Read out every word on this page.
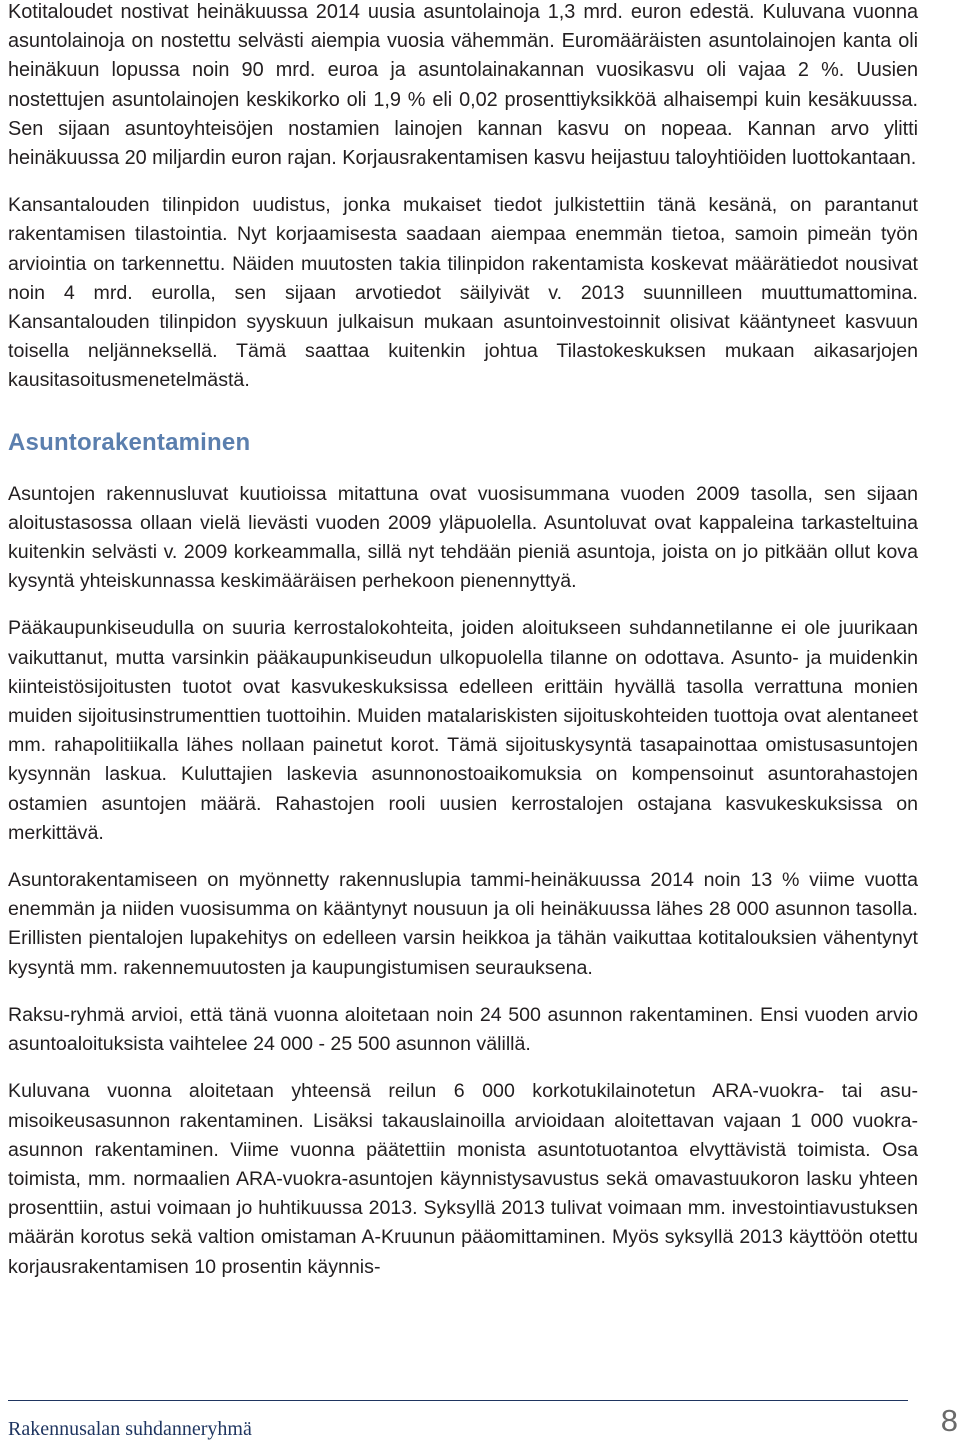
Kotitaloudet nostivat heinäkuussa 2014 uusia asuntolainoja 1,3 mrd. euron edestä. Kuluvana vuonna asuntolainoja on nostettu selvästi aiempia vuosia vähemmän. Euromääräisten asuntolainojen kanta oli heinäkuun lopussa noin 90 mrd. euroa ja asuntolainakannan vuosikasvu oli vajaa 2 %. Uusien nostettujen asuntolainojen keskikorko oli 1,9 % eli 0,02 prosenttiyksikköä alhaisempi kuin kesäkuussa. Sen sijaan asuntoyhteisöjen nostamien lainojen kannan kasvu on nopeaa. Kannan arvo ylitti heinäkuussa 20 miljardin euron rajan. Korjausrakentamisen kasvu heijastuu taloyhtiöiden luottokantaan.

Kansantalouden tilinpidon uudistus, jonka mukaiset tiedot julkistettiin tänä kesänä, on parantanut rakentamisen tilastointia. Nyt korjaamisesta saadaan aiempaa enemmän tietoa, samoin pimeän työn arviointia on tarkennettu. Näiden muutosten takia tilinpidon rakentamista koskevat määrätiedot nousivat noin 4 mrd. eurolla, sen sijaan arvotiedot säilyivät v. 2013 suunnilleen muuttumattomina. Kansantalouden tilinpidon syyskuun julkaisun mukaan asuntoinvestoinnit olisivat kääntyneet kasvuun toisella neljänneksellä. Tämä saattaa kuitenkin johtua Tilastokeskuksen mukaan aikasarjojen kausitasoitusmenetelmästä.

Asuntorakentaminen

Asuntojen rakennusluvat kuutioissa mitattuna ovat vuosisummana vuoden 2009 tasolla, sen sijaan aloitustasossa ollaan vielä lievästi vuoden 2009 yläpuolella. Asuntoluvat ovat kappaleina tarkasteltuina kuitenkin selvästi v. 2009 korkeammalla, sillä nyt tehdään pieniä asuntoja, joista on jo pitkään ollut kova kysyntä yhteiskunnassa keskimääräisen perhekoon pienennyttyä.

Pääkaupunkiseudulla on suuria kerrostalokohteita, joiden aloitukseen suhdannetilanne ei ole juurikaan vaikuttanut, mutta varsinkin pääkaupunkiseudun ulkopuolella tilanne on odottava. Asunto- ja muidenkin kiinteistösijoitusten tuotot ovat kasvukeskuksissa edelleen erittäin hyvällä tasolla verrattuna monien muiden sijoitusinstrumenttien tuottoihin. Muiden matalariskisten sijoituskohteiden tuottoja ovat alentaneet mm. rahapolitiikalla lähes nollaan painetut korot. Tämä sijoituskysyntä tasapainottaa omistusasuntojen kysynnän laskua. Kuluttajien laskevia asunnonostoaikomuksia on kompensoinut asuntorahastojen ostamien asuntojen määrä. Rahastojen rooli uusien kerrostalojen ostajana kasvukeskuksissa on merkittävä.

Asuntorakentamiseen on myönnetty rakennuslupia tammi-heinäkuussa 2014 noin 13 % viime vuotta enemmän ja niiden vuosisumma on kääntynyt nousuun ja oli heinäkuussa lähes 28 000 asunnon tasolla. Erillisten pientalojen lupakehitys on edelleen varsin heikkoa ja tähän vaikuttaa kotitalouksien vähentynyt kysyntä mm. rakennemuutosten ja kaupungistumisen seurauksena.

Raksu-ryhmä arvioi, että tänä vuonna aloitetaan noin 24 500 asunnon rakentaminen. Ensi vuoden arvio asuntoaloituksista vaihtelee 24 000 - 25 500 asunnon välillä.

Kuluvana vuonna aloitetaan yhteensä reilun 6 000 korkotukilainotetun ARA-vuokra- tai asumisoikeusasunnon rakentaminen. Lisäksi takauslainoilla arvioidaan aloitettavan vajaan 1 000 vuokra-asunnon rakentaminen. Viime vuonna päätettiin monista asuntotuotantoa elvyttävistä toimista. Osa toimista, mm. normaalien ARA-vuokra-asuntojen käynnistysavustus sekä omavastuukoron lasku yhteen prosenttiin, astui voimaan jo huhtikuussa 2013. Syksyllä 2013 tulivat voimaan mm. investointiavustuksen määrän korotus sekä valtion omistaman A-Kruunun pääomittaminen. Myös syksyllä 2013 käyttöön otettu korjausrakentamisen 10 prosentin käynnis-

Rakennusalan suhdanneryhmä	8
